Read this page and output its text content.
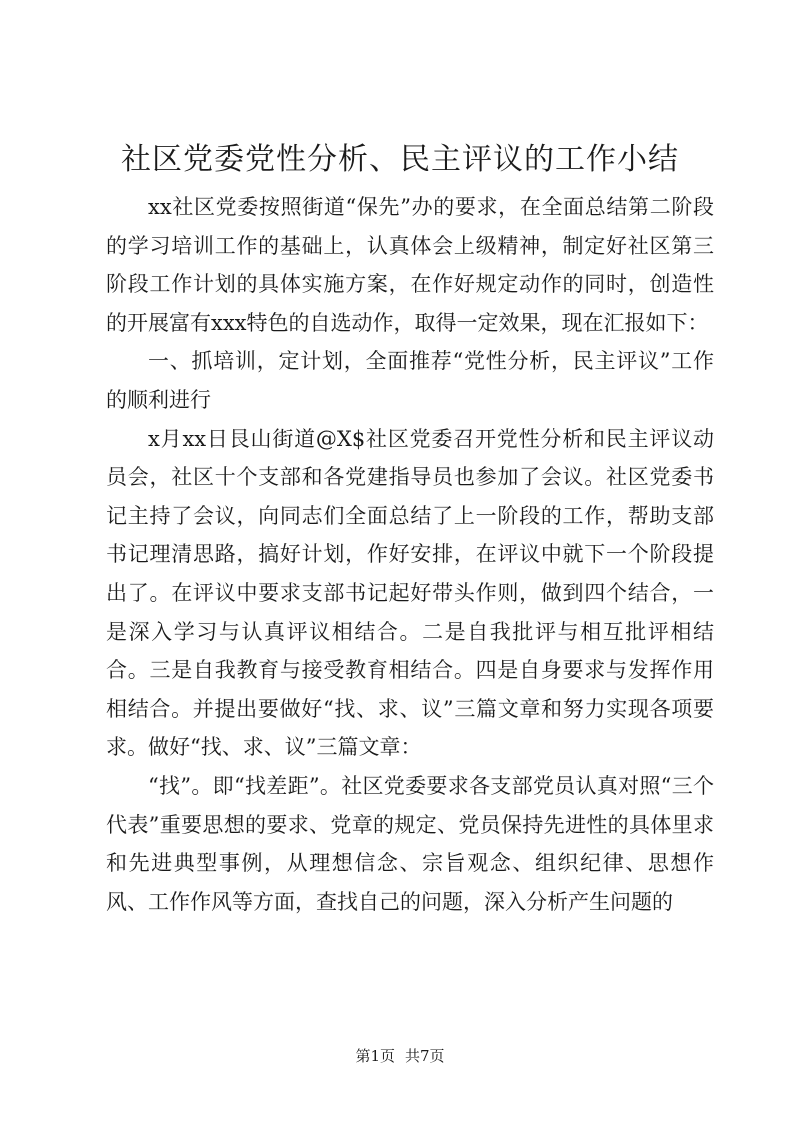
社区党委党性分析、民主评议的工作小结

xx社区党委按照街道“保先”办的要求，在全面总结第二阶段的学习培训工作的基础上，认真体会上级精神，制定好社区第三阶段工作计划的具体实施方案，在作好规定动作的同时，创造性的开展富有xxx特色的自选动作，取得一定效果，现在汇报如下：

一、抓培训，定计划，全面推荐“党性分析，民主评议”工作的顺利进行

x月xx日艮山街道@X$社区党委召开党性分析和民主评议动员会，社区十个支部和各党建指导员也参加了会议。社区党委书记主持了会议，向同志们全面总结了上一阶段的工作，帮助支部书记理清思路，搞好计划，作好安排，在评议中就下一个阶段提出了。在评议中要求支部书记起好带头作则，做到四个结合，一是深入学习与认真评议相结合。二是自我批评与相互批评相结合。三是自我教育与接受教育相结合。四是自身要求与发挥作用相结合。并提出要做好“找、求、议”三篇文章和努力实现各项要求。做好“找、求、议”三篇文章：

“找”。即“找差距”。社区党委要求各支部党员认真对照“三个代表”重要思想的要求、党章的规定、党员保持先进性的具体里求和先进典型事例，从理想信念、宗旨观念、组织纪律、思想作风、工作作风等方面，查找自己的问题，深入分析产生问题的

第1页 共7页
